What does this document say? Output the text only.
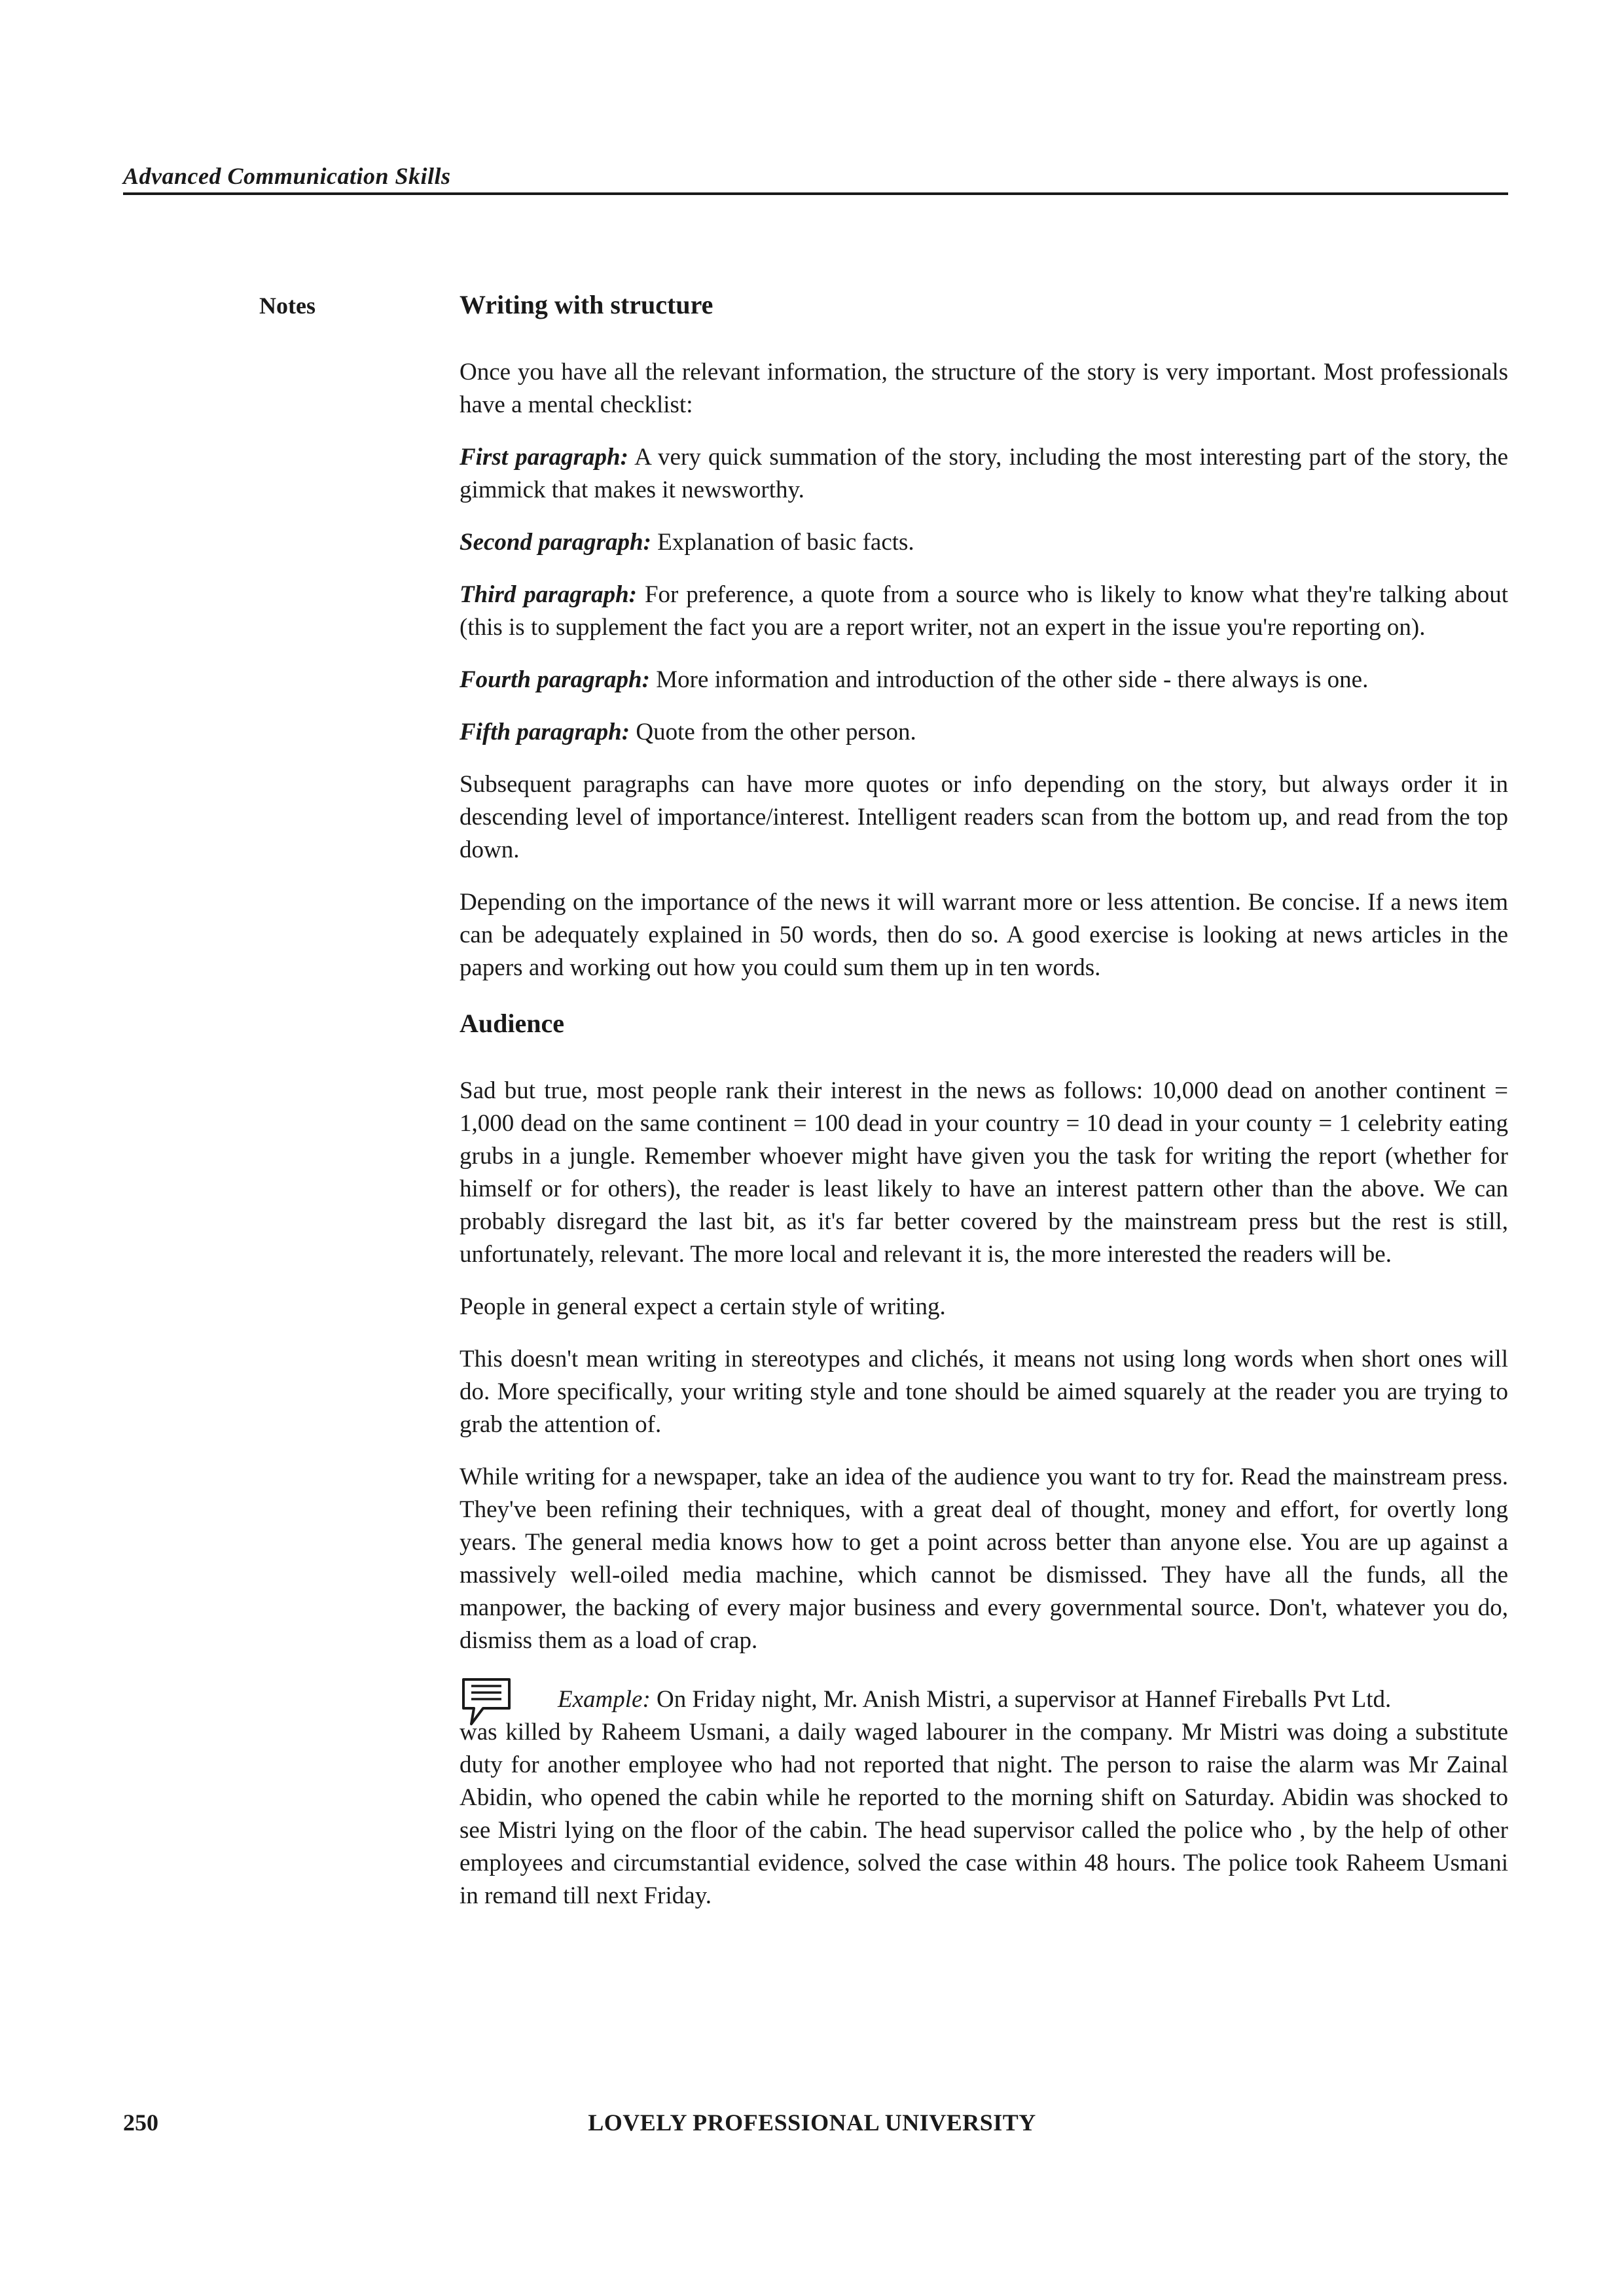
Advanced Communication Skills
Notes	Writing with structure

Once you have all the relevant information, the structure of the story is very important. Most professionals have a mental checklist:

First paragraph: A very quick summation of the story, including the most interesting part of the story, the gimmick that makes it newsworthy.

Second paragraph: Explanation of basic facts.

Third paragraph: For preference, a quote from a source who is likely to know what they're talking about (this is to supplement the fact you are a report writer, not an expert in the issue you're reporting on).

Fourth paragraph: More information and introduction of the other side - there always is one.

Fifth paragraph: Quote from the other person.

Subsequent paragraphs can have more quotes or info depending on the story, but always order it in descending level of importance/interest. Intelligent readers scan from the bottom up, and read from the top down.

Depending on the importance of the news it will warrant more or less attention. Be concise. If a news item can be adequately explained in 50 words, then do so. A good exercise is looking at news articles in the papers and working out how you could sum them up in ten words.

Audience

Sad but true, most people rank their interest in the news as follows: 10,000 dead on another continent = 1,000 dead on the same continent = 100 dead in your country = 10 dead in your county = 1 celebrity eating grubs in a jungle. Remember whoever might have given you the task for writing the report (whether for himself or for others), the reader is least likely to have an interest pattern other than the above. We can probably disregard the last bit, as it's far better covered by the mainstream press but the rest is still, unfortunately, relevant. The more local and relevant it is, the more interested the readers will be.

People in general expect a certain style of writing.

This doesn't mean writing in stereotypes and clichés, it means not using long words when short ones will do. More specifically, your writing style and tone should be aimed squarely at the reader you are trying to grab the attention of.

While writing for a newspaper, take an idea of the audience you want to try for. Read the mainstream press. They've been refining their techniques, with a great deal of thought, money and effort, for overtly long years. The general media knows how to get a point across better than anyone else. You are up against a massively well-oiled media machine, which cannot be dismissed. They have all the funds, all the manpower, the backing of every major business and every governmental source. Don't, whatever you do, dismiss them as a load of crap.

Example: On Friday night, Mr. Anish Mistri, a supervisor at Hannef Fireballs Pvt Ltd.
was killed by Raheem Usmani, a daily waged labourer in the company. Mr Mistri was doing a substitute duty for another employee who had not reported that night. The person to raise the alarm was Mr Zainal Abidin, who opened the cabin while he reported to the morning shift on Saturday. Abidin was shocked to see Mistri lying on the floor of the cabin. The head supervisor called the police who , by the help of other employees and circumstantial evidence, solved the case within 48 hours. The police took Raheem Usmani in remand till next Friday.
250	LOVELY PROFESSIONAL UNIVERSITY
